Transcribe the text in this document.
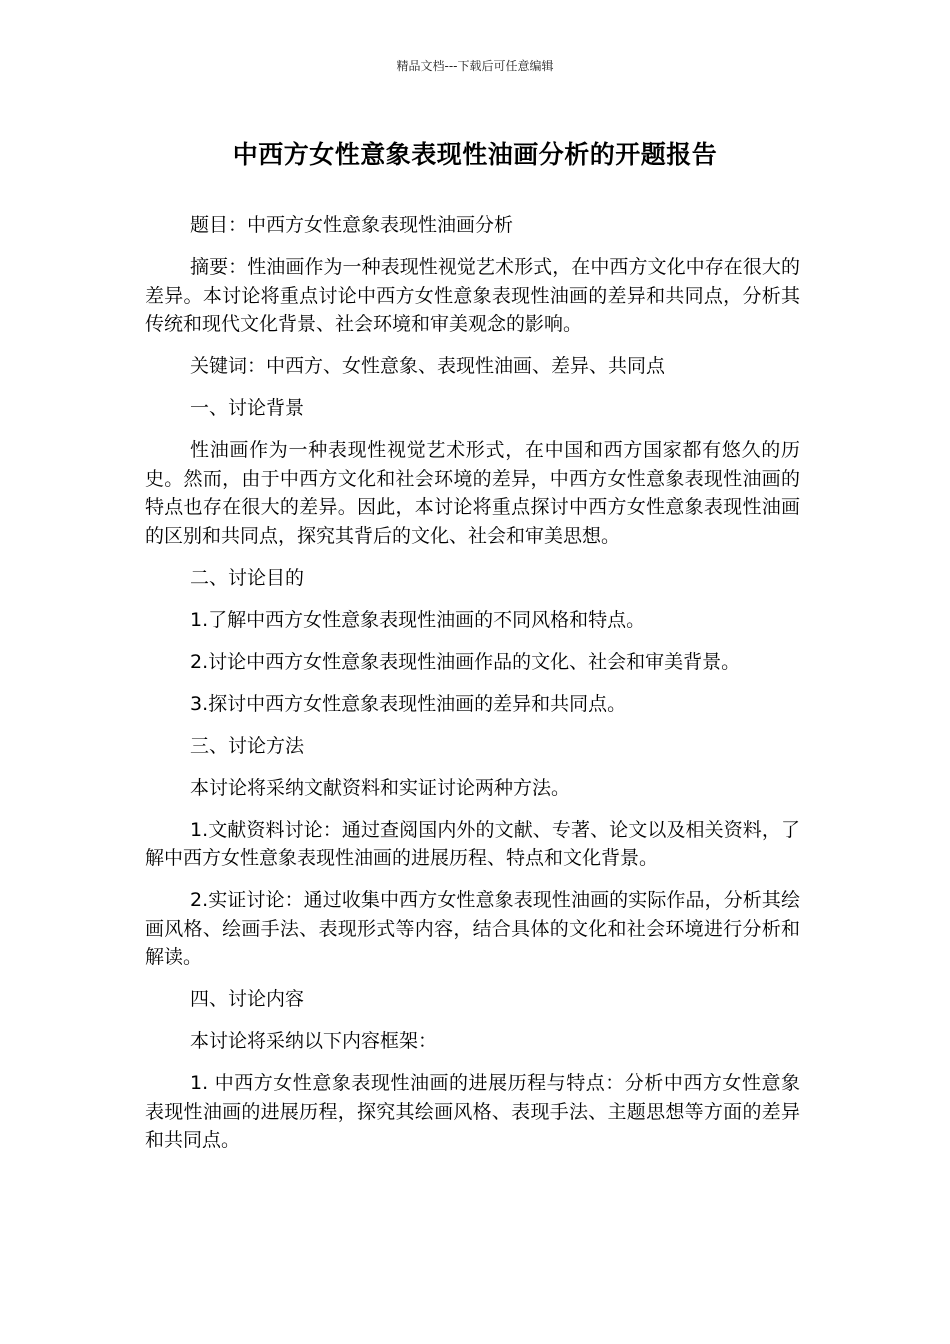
精品文档---下载后可任意编辑
中西方女性意象表现性油画分析的开题报告

题目：中西方女性意象表现性油画分析

摘要：性油画作为一种表现性视觉艺术形式，在中西方文化中存在很大的差异。本讨论将重点讨论中西方女性意象表现性油画的差异和共同点，分析其传统和现代文化背景、社会环境和审美观念的影响。

关键词：中西方、女性意象、表现性油画、差异、共同点

一、讨论背景

性油画作为一种表现性视觉艺术形式，在中国和西方国家都有悠久的历史。然而，由于中西方文化和社会环境的差异，中西方女性意象表现性油画的特点也存在很大的差异。因此，本讨论将重点探讨中西方女性意象表现性油画的区别和共同点，探究其背后的文化、社会和审美思想。

二、讨论目的

1.了解中西方女性意象表现性油画的不同风格和特点。

2.讨论中西方女性意象表现性油画作品的文化、社会和审美背景。

3.探讨中西方女性意象表现性油画的差异和共同点。

三、讨论方法

本讨论将采纳文献资料和实证讨论两种方法。

1.文献资料讨论：通过查阅国内外的文献、专著、论文以及相关资料，了解中西方女性意象表现性油画的进展历程、特点和文化背景。

2.实证讨论：通过收集中西方女性意象表现性油画的实际作品，分析其绘画风格、绘画手法、表现形式等内容，结合具体的文化和社会环境进行分析和解读。

四、讨论内容

本讨论将采纳以下内容框架：

1. 中西方女性意象表现性油画的进展历程与特点：分析中西方女性意象表现性油画的进展历程，探究其绘画风格、表现手法、主题思想等方面的差异和共同点。
